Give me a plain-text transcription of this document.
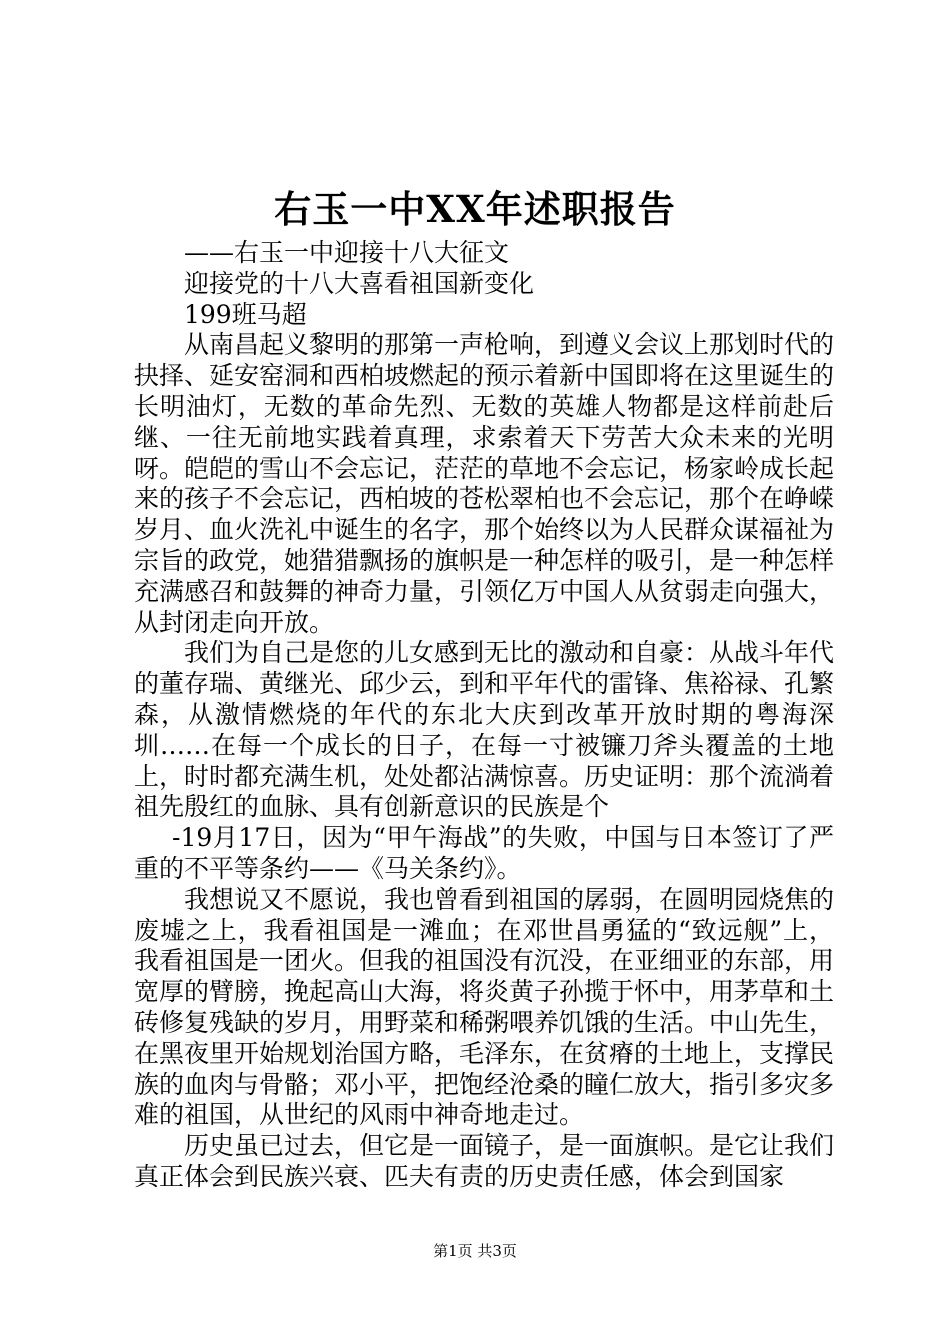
右玉一中XX年述职报告

——右玉一中迎接十八大征文

迎接党的十八大喜看祖国新变化

199班马超

从南昌起义黎明的那第一声枪响，到遵义会议上那划时代的抉择、延安窑洞和西柏坡燃起的预示着新中国即将在这里诞生的长明油灯，无数的革命先烈、无数的英雄人物都是这样前赴后继、一往无前地实践着真理，求索着天下劳苦大众未来的光明呀。皑皑的雪山不会忘记，茫茫的草地不会忘记，杨家岭成长起来的孩子不会忘记，西柏坡的苍松翠柏也不会忘记，那个在峥嵘岁月、血火洗礼中诞生的名字，那个始终以为人民群众谋福祉为宗旨的政党，她猎猎飘扬的旗帜是一种怎样的吸引，是一种怎样充满感召和鼓舞的神奇力量，引领亿万中国人从贫弱走向强大，从封闭走向开放。

我们为自己是您的儿女感到无比的激动和自豪：从战斗年代的董存瑞、黄继光、邱少云，到和平年代的雷锋、焦裕禄、孔繁森，从激情燃烧的年代的东北大庆到改革开放时期的粤海深圳……在每一个成长的日子，在每一寸被镰刀斧头覆盖的土地上，时时都充满生机，处处都沾满惊喜。历史证明：那个流淌着祖先殷红的血脉、具有创新意识的民族是个

-19月17日，因为“甲午海战”的失败，中国与日本签订了严重的不平等条约——《马关条约》。

我想说又不愿说，我也曾看到祖国的孱弱，在圆明园烧焦的废墟之上，我看祖国是一滩血；在邓世昌勇猛的“致远舰”上，我看祖国是一团火。但我的祖国没有沉没，在亚细亚的东部，用宽厚的臂膀，挽起高山大海，将炎黄子孙揽于怀中，用茅草和土砖修复残缺的岁月，用野菜和稀粥喂养饥饿的生活。中山先生，在黑夜里开始规划治国方略，毛泽东，在贫瘠的土地上，支撑民族的血肉与骨骼；邓小平，把饱经沧桑的瞳仁放大，指引多灾多难的祖国，从世纪的风雨中神奇地走过。

历史虽已过去，但它是一面镜子，是一面旗帜。是它让我们真正体会到民族兴衰、匹夫有责的历史责任感，体会到国家

第1页 共3页
